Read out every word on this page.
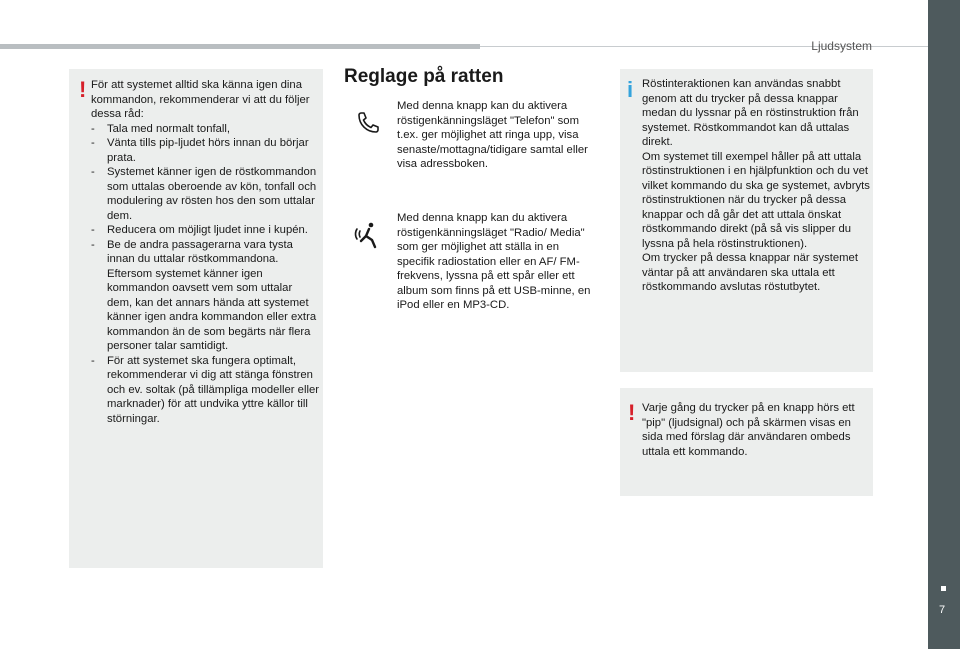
Ljudsystem
! För att systemet alltid ska känna igen dina kommandon, rekommenderar vi att du följer dessa råd:

- Tala med normalt tonfall,
- Vänta tills pip-ljudet hörs innan du börjar prata.
- Systemet känner igen de röstkommandon som uttalas oberoende av kön, tonfall och modulering av rösten hos den som uttalar dem.
- Reducera om möjligt ljudet inne i kupén.
- Be de andra passagerarna vara tysta innan du uttalar röstkommandona. Eftersom systemet känner igen kommandon oavsett vem som uttalar dem, kan det annars hända att systemet känner igen andra kommandon eller extra kommandon än de som begärts när flera personer talar samtidigt.
- För att systemet ska fungera optimalt, rekommenderar vi dig att stänga fönstren och ev. soltak (på tillämpliga modeller eller marknader) för att undvika yttre källor till störningar.
Reglage på ratten
Med denna knapp kan du aktivera röstigenkänningsläget "Telefon" som t.ex. ger möjlighet att ringa upp, visa senaste/mottagna/tidigare samtal eller visa adressboken.
Med denna knapp kan du aktivera röstigenkänningsläget "Radio/ Media" som ger möjlighet att ställa in en specifik radiostation eller en AF/ FM-frekvens, lyssna på ett spår eller ett album som finns på ett USB-minne, en iPod eller en MP3-CD.
i Röstinteraktionen kan användas snabbt genom att du trycker på dessa knappar medan du lyssnar på en röstinstruktion från systemet. Röstkommandot kan då uttalas direkt.

Om systemet till exempel håller på att uttala röstinstruktionen i en hjälpfunktion och du vet vilket kommando du ska ge systemet, avbryts röstinstruktionen när du trycker på dessa knappar och då går det att uttala önskat röstkommando direkt (på så vis slipper du lyssna på hela röstinstruktionen).

Om trycker på dessa knappar när systemet väntar på att användaren ska uttala ett röstkommando avslutas röstutbytet.

! Varje gång du trycker på en knapp hörs ett "pip" (ljudsignal) och på skärmen visas en sida med förslag där användaren ombeds uttala ett kommando.
7
